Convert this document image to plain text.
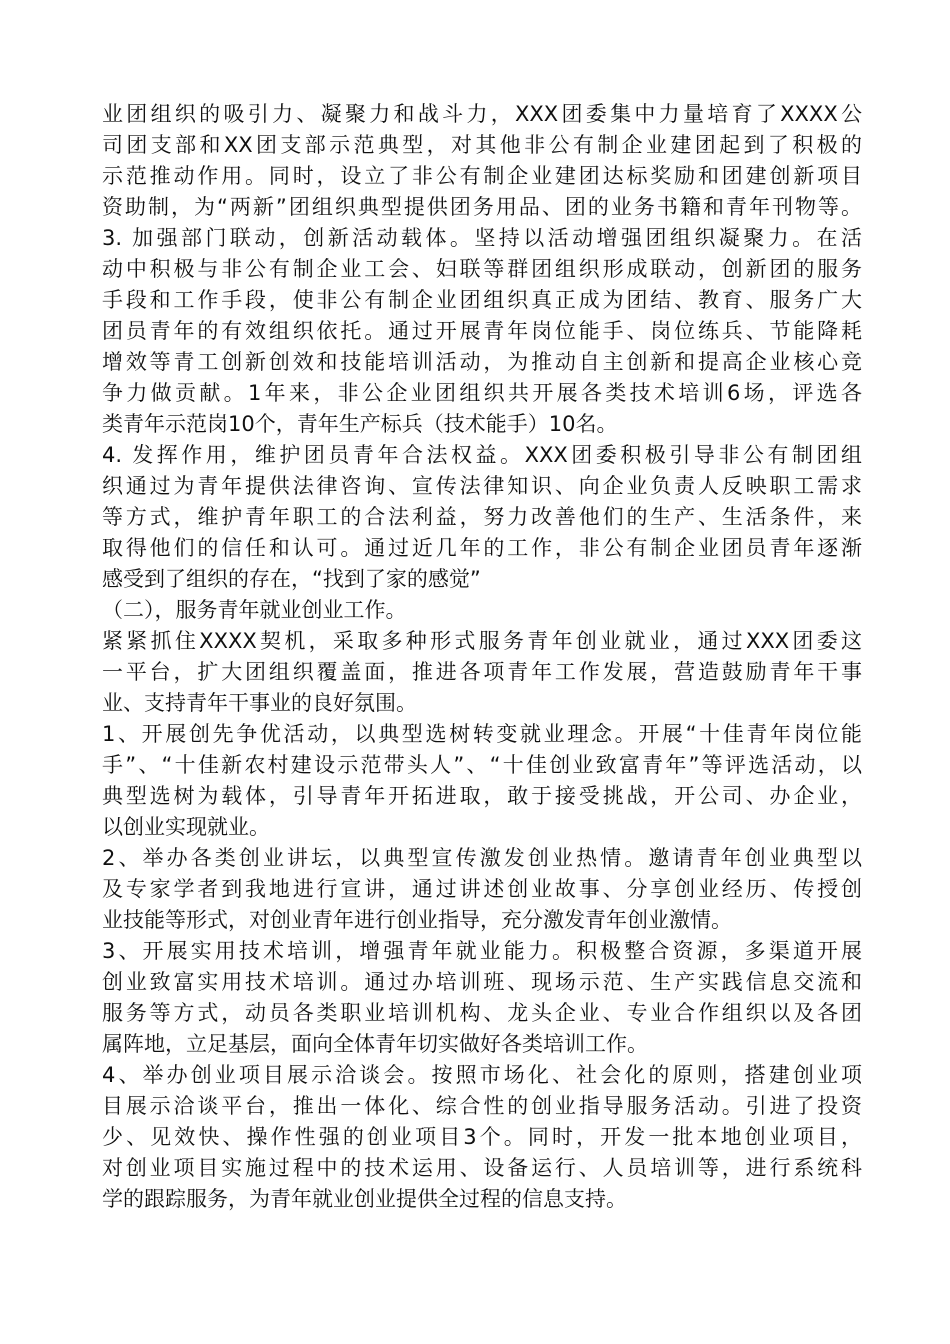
业团组织的吸引力、凝聚力和战斗力，XXX团委集中力量培育了XXXX公
司团支部和XX团支部示范典型，对其他非公有制企业建团起到了积极的
示范推动作用。同时，设立了非公有制企业建团达标奖励和团建创新项目
资助制，为“两新”团组织典型提供团务用品、团的业务书籍和青年刊物等。
3. 加强部门联动，创新活动载体。坚持以活动增强团组织凝聚力。在活
动中积极与非公有制企业工会、妇联等群团组织形成联动，创新团的服务
手段和工作手段，使非公有制企业团组织真正成为团结、教育、服务广大
团员青年的有效组织依托。通过开展青年岗位能手、岗位练兵、节能降耗
增效等青工创新创效和技能培训活动，为推动自主创新和提高企业核心竞
争力做贡献。1年来，非公企业团组织共开展各类技术培训6场，评选各
类青年示范岗10个，青年生产标兵（技术能手）10名。
4. 发挥作用，维护团员青年合法权益。XXX团委积极引导非公有制团组
织通过为青年提供法律咨询、宣传法律知识、向企业负责人反映职工需求
等方式，维护青年职工的合法利益，努力改善他们的生产、生活条件，来
取得他们的信任和认可。通过近几年的工作，非公有制企业团员青年逐渐
感受到了组织的存在，“找到了家的感觉”
（二），服务青年就业创业工作。
紧紧抓住XXXX契机，采取多种形式服务青年创业就业，通过XXX团委这
一平台，扩大团组织覆盖面，推进各项青年工作发展，营造鼓励青年干事
业、支持青年干事业的良好氛围。
1、开展创先争优活动，以典型选树转变就业理念。开展“十佳青年岗位能
手”、“十佳新农村建设示范带头人”、“十佳创业致富青年”等评选活动，以
典型选树为载体，引导青年开拓进取，敢于接受挑战，开公司、办企业，
以创业实现就业。
2、举办各类创业讲坛，以典型宣传激发创业热情。邀请青年创业典型以
及专家学者到我地进行宣讲，通过讲述创业故事、分享创业经历、传授创
业技能等形式，对创业青年进行创业指导，充分激发青年创业激情。
3、开展实用技术培训，增强青年就业能力。积极整合资源，多渠道开展
创业致富实用技术培训。通过办培训班、现场示范、生产实践信息交流和
服务等方式，动员各类职业培训机构、龙头企业、专业合作组织以及各团
属阵地，立足基层，面向全体青年切实做好各类培训工作。
4、举办创业项目展示洽谈会。按照市场化、社会化的原则，搭建创业项
目展示洽谈平台，推出一体化、综合性的创业指导服务活动。引进了投资
少、见效快、操作性强的创业项目3个。同时，开发一批本地创业项目，
对创业项目实施过程中的技术运用、设备运行、人员培训等，进行系统科
学的跟踪服务，为青年就业创业提供全过程的信息支持。
